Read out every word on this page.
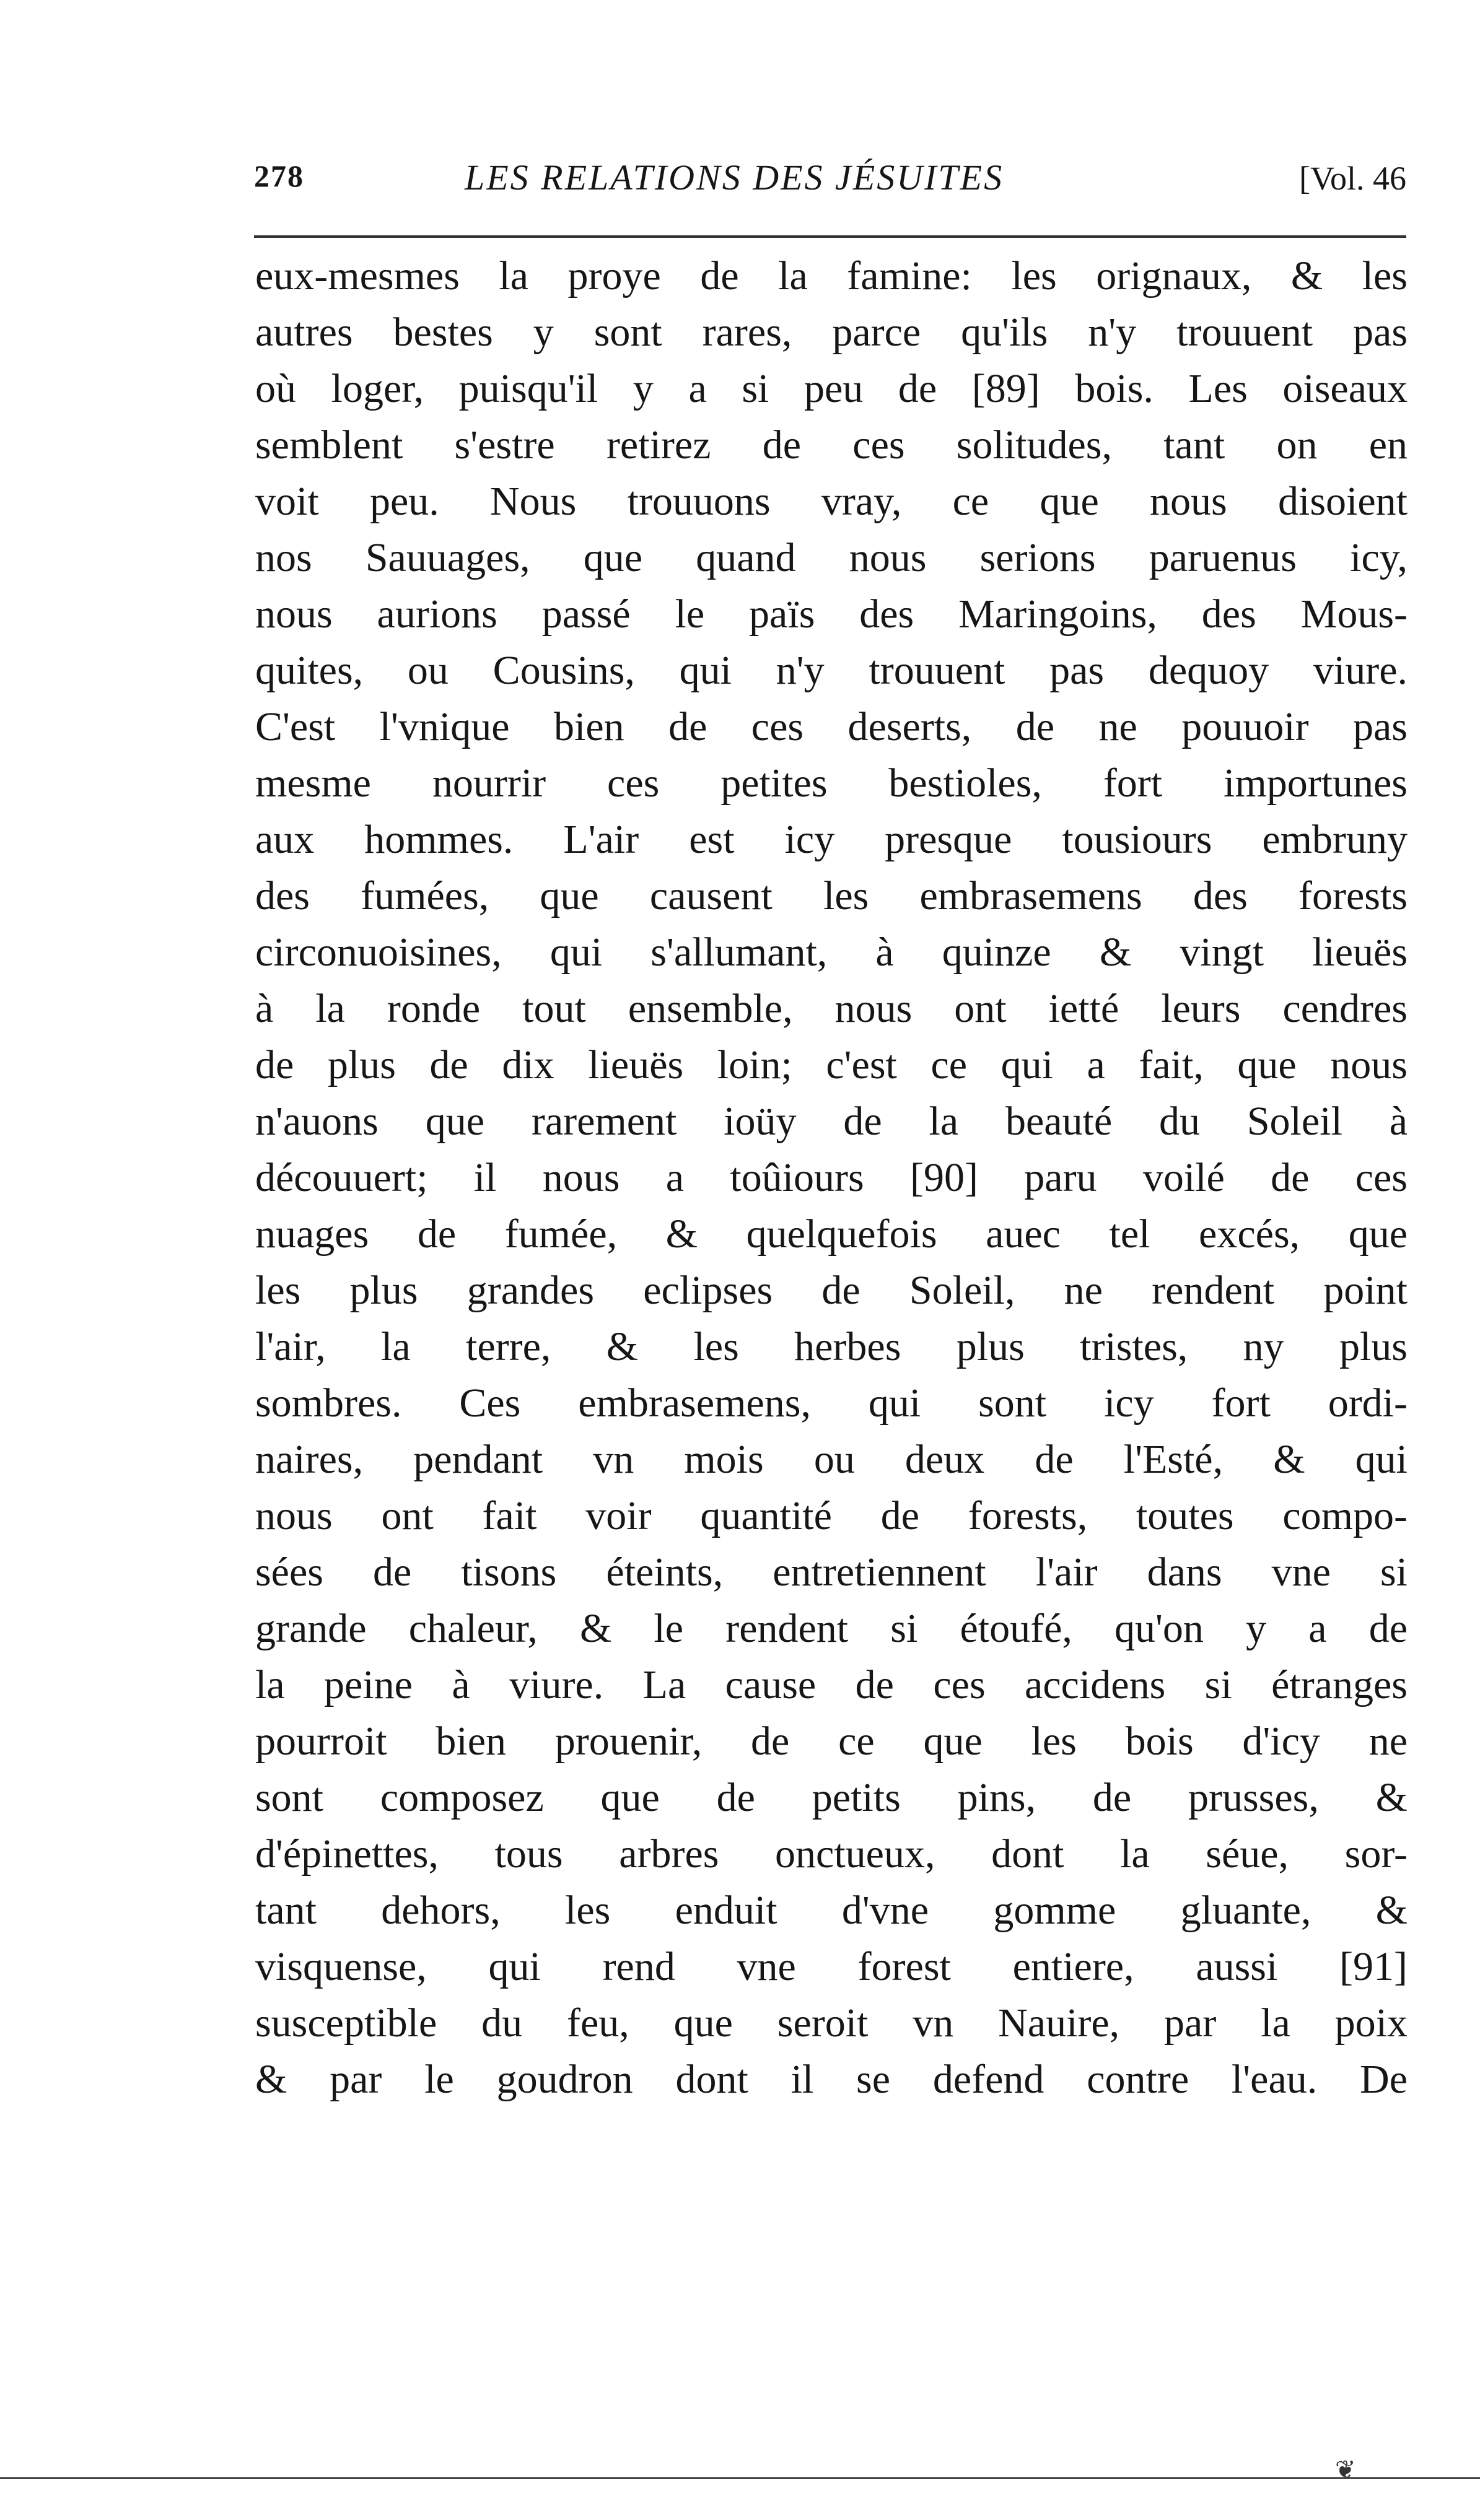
278	LES RELATIONS DES JÉSUITES	[Vol. 46
eux-mesmes la proye de la famine: les orignaux, & les
autres bestes y sont rares, parce qu'ils n'y trouuent pas
où loger, puisqu'il y a si peu de [89] bois. Les oiseaux
semblent s'estre retirez de ces solitudes, tant on en
voit peu. Nous trouuons vray, ce que nous disoient
nos Sauuages, que quand nous serions paruenus icy,
nous aurions passé le païs des Maringoins, des Mous-
quites, ou Cousins, qui n'y trouuent pas dequoy viure.
C'est l'vnique bien de ces deserts, de ne pouuoir pas
mesme nourrir ces petites bestioles, fort importunes
aux hommes. L'air est icy presque tousiours embruny
des fumées, que causent les embrasemens des forests
circonuoisines, qui s'allumant, à quinze & vingt lieuës
à la ronde tout ensemble, nous ont ietté leurs cendres
de plus de dix lieuës loin; c'est ce qui a fait, que nous
n'auons que rarement ioüy de la beauté du Soleil à
découuert; il nous a toûiours [90] paru voilé de ces
nuages de fumée, & quelquefois auec tel excés, que
les plus grandes eclipses de Soleil, ne rendent point
l'air, la terre, & les herbes plus tristes, ny plus
sombres. Ces embrasemens, qui sont icy fort ordi-
naires, pendant vn mois ou deux de l'Esté, & qui
nous ont fait voir quantité de forests, toutes compo-
sées de tisons éteints, entretiennent l'air dans vne si
grande chaleur, & le rendent si étoufé, qu'on y a de
la peine à viure. La cause de ces accidens si étranges
pourroit bien prouenir, de ce que les bois d'icy ne
sont composez que de petits pins, de prusses, &
d'épinettes, tous arbres onctueux, dont la séue, sor-
tant dehors, les enduit d'vne gomme gluante, &
visquense, qui rend vne forest entiere, aussi [91]
susceptible du feu, que seroit vn Nauire, par la poix
& par le goudron dont il se defend contre l'eau. De
❦
